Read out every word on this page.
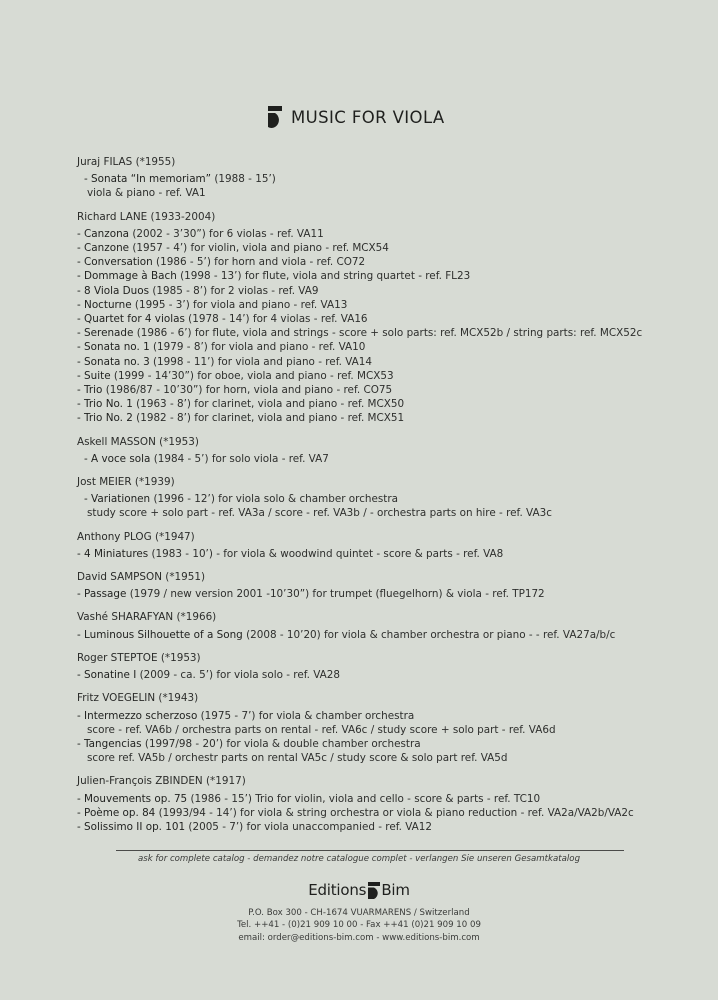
MUSIC FOR VIOLA
Juraj FILAS (*1955)
- Sonata “In memoriam” (1988 - 15’)
viola & piano - ref. VA1
Richard LANE (1933-2004)
- Canzona (2002 - 3’30”) for 6 violas - ref. VA11
- Canzone (1957 - 4’) for violin, viola and piano - ref. MCX54
- Conversation (1986 - 5’) for horn and viola - ref. CO72
- Dommage à Bach (1998 - 13’) for flute, viola and string quartet - ref. FL23
- 8 Viola Duos (1985 - 8’) for 2 violas - ref. VA9
- Nocturne (1995 - 3’) for viola and piano - ref. VA13
- Quartet for 4 violas (1978 - 14’) for 4 violas - ref. VA16
- Serenade (1986 - 6’) for flute, viola and strings - score + solo parts: ref. MCX52b / string parts: ref. MCX52c
- Sonata no. 1 (1979 - 8’) for viola and piano - ref. VA10
- Sonata no. 3 (1998 - 11’) for viola and piano - ref. VA14
- Suite (1999 - 14’30”) for oboe, viola and piano - ref. MCX53
- Trio (1986/87 - 10’30”) for horn, viola and piano - ref. CO75
- Trio No. 1 (1963 - 8’) for clarinet, viola and piano - ref. MCX50
- Trio No. 2 (1982 - 8’) for clarinet, viola and piano - ref. MCX51
Askell MASSON (*1953)
- A voce sola (1984 - 5’) for solo viola - ref. VA7
Jost MEIER (*1939)
- Variationen (1996 - 12’) for viola solo & chamber orchestra
study score + solo part - ref. VA3a / score - ref. VA3b / - orchestra parts on hire - ref. VA3c
Anthony PLOG (*1947)
- 4 Miniatures (1983 - 10’) - for viola & woodwind quintet - score & parts - ref. VA8
David SAMPSON (*1951)
- Passage (1979 / new version 2001 -10’30”) for trumpet (fluegelhorn) & viola - ref. TP172
Vashé SHARAFYAN (*1966)
- Luminous Silhouette of a Song (2008 - 10’20) for viola & chamber orchestra or piano - - ref. VA27a/b/c
Roger STEPTOE (*1953)
- Sonatine I (2009 - ca. 5’) for viola solo - ref. VA28
Fritz VOEGELIN (*1943)
- Intermezzo scherzoso (1975 - 7’) for viola & chamber orchestra
score - ref. VA6b / orchestra parts on rental - ref. VA6c / study score + solo part - ref. VA6d
- Tangencias (1997/98 - 20’) for viola & double chamber orchestra
score ref. VA5b / orchestr parts on rental VA5c / study score & solo part ref. VA5d
Julien-François ZBINDEN (*1917)
- Mouvements op. 75 (1986 - 15’) Trio for violin, viola and cello - score & parts - ref. TC10
- Poème op. 84 (1993/94 - 14’) for viola & string orchestra or viola & piano reduction - ref. VA2a/VA2b/VA2c
- Solissimo II op. 101 (2005 - 7’) for viola unaccompanied - ref. VA12
ask for complete catalog - demandez notre catalogue complet - verlangen Sie unseren Gesamtkatalog
Editions Bim
P.O. Box 300 - CH-1674 VUARMARENS / Switzerland
Tel. ++41 - (0)21 909 10 00 - Fax ++41 (0)21 909 10 09
email: order@editions-bim.com - www.editions-bim.com
